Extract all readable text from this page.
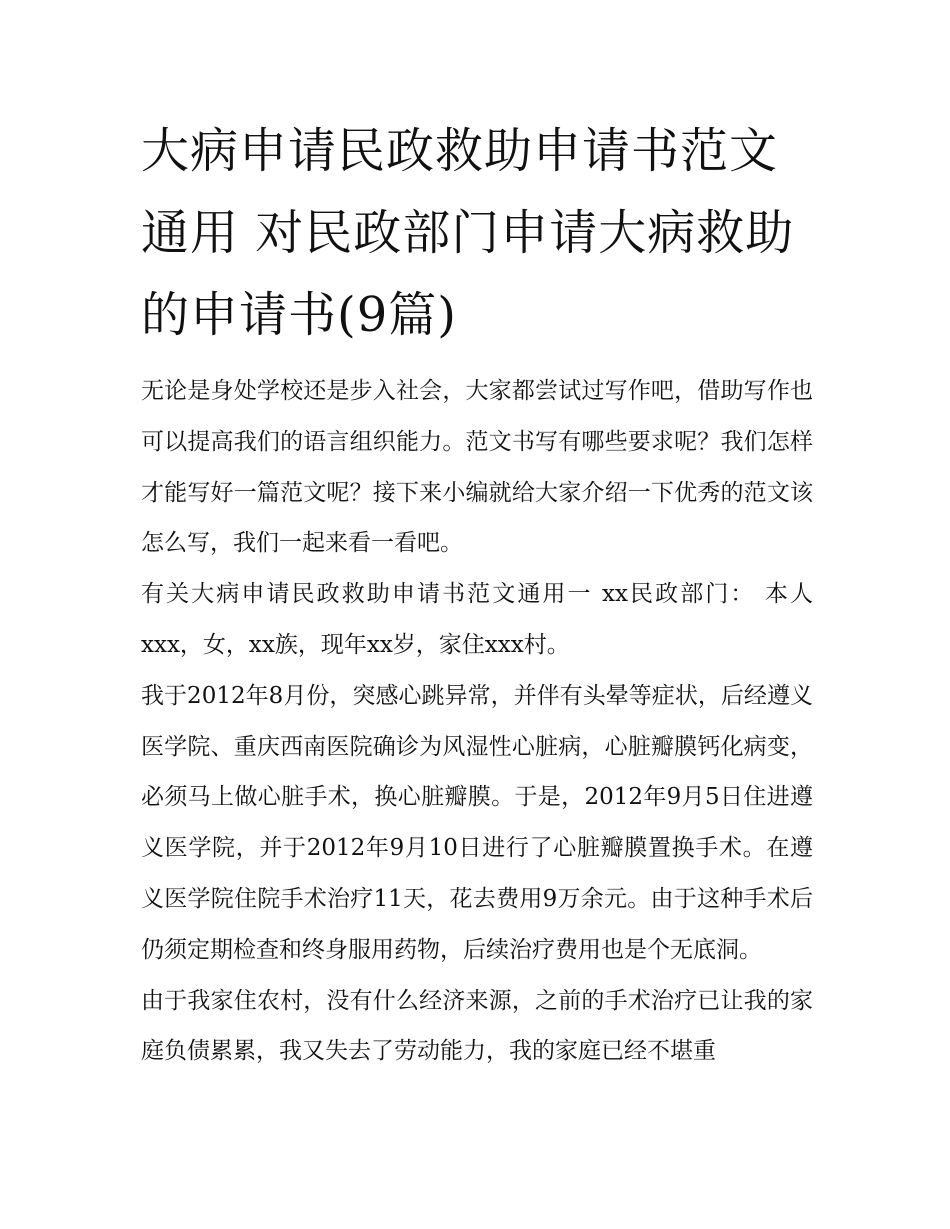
大病申请民政救助申请书范文通用 对民政部门申请大病救助的申请书(9篇)

无论是身处学校还是步入社会，大家都尝试过写作吧，借助写作也可以提高我们的语言组织能力。范文书写有哪些要求呢？我们怎样才能写好一篇范文呢？接下来小编就给大家介绍一下优秀的范文该怎么写，我们一起来看一看吧。

有关大病申请民政救助申请书范文通用一 xx民政部门： 本人xxx，女，xx族，现年xx岁，家住xxx村。

我于2012年8月份，突感心跳异常，并伴有头晕等症状，后经遵义医学院、重庆西南医院确诊为风湿性心脏病，心脏瓣膜钙化病变，必须马上做心脏手术，换心脏瓣膜。于是，2012年9月5日住进遵义医学院，并于2012年9月10日进行了心脏瓣膜置换手术。在遵义医学院住院手术治疗11天，花去费用9万余元。由于这种手术后仍须定期检查和终身服用药物，后续治疗费用也是个无底洞。

由于我家住农村，没有什么经济来源，之前的手术治疗已让我的家庭负债累累，我又失去了劳动能力，我的家庭已经不堪重
